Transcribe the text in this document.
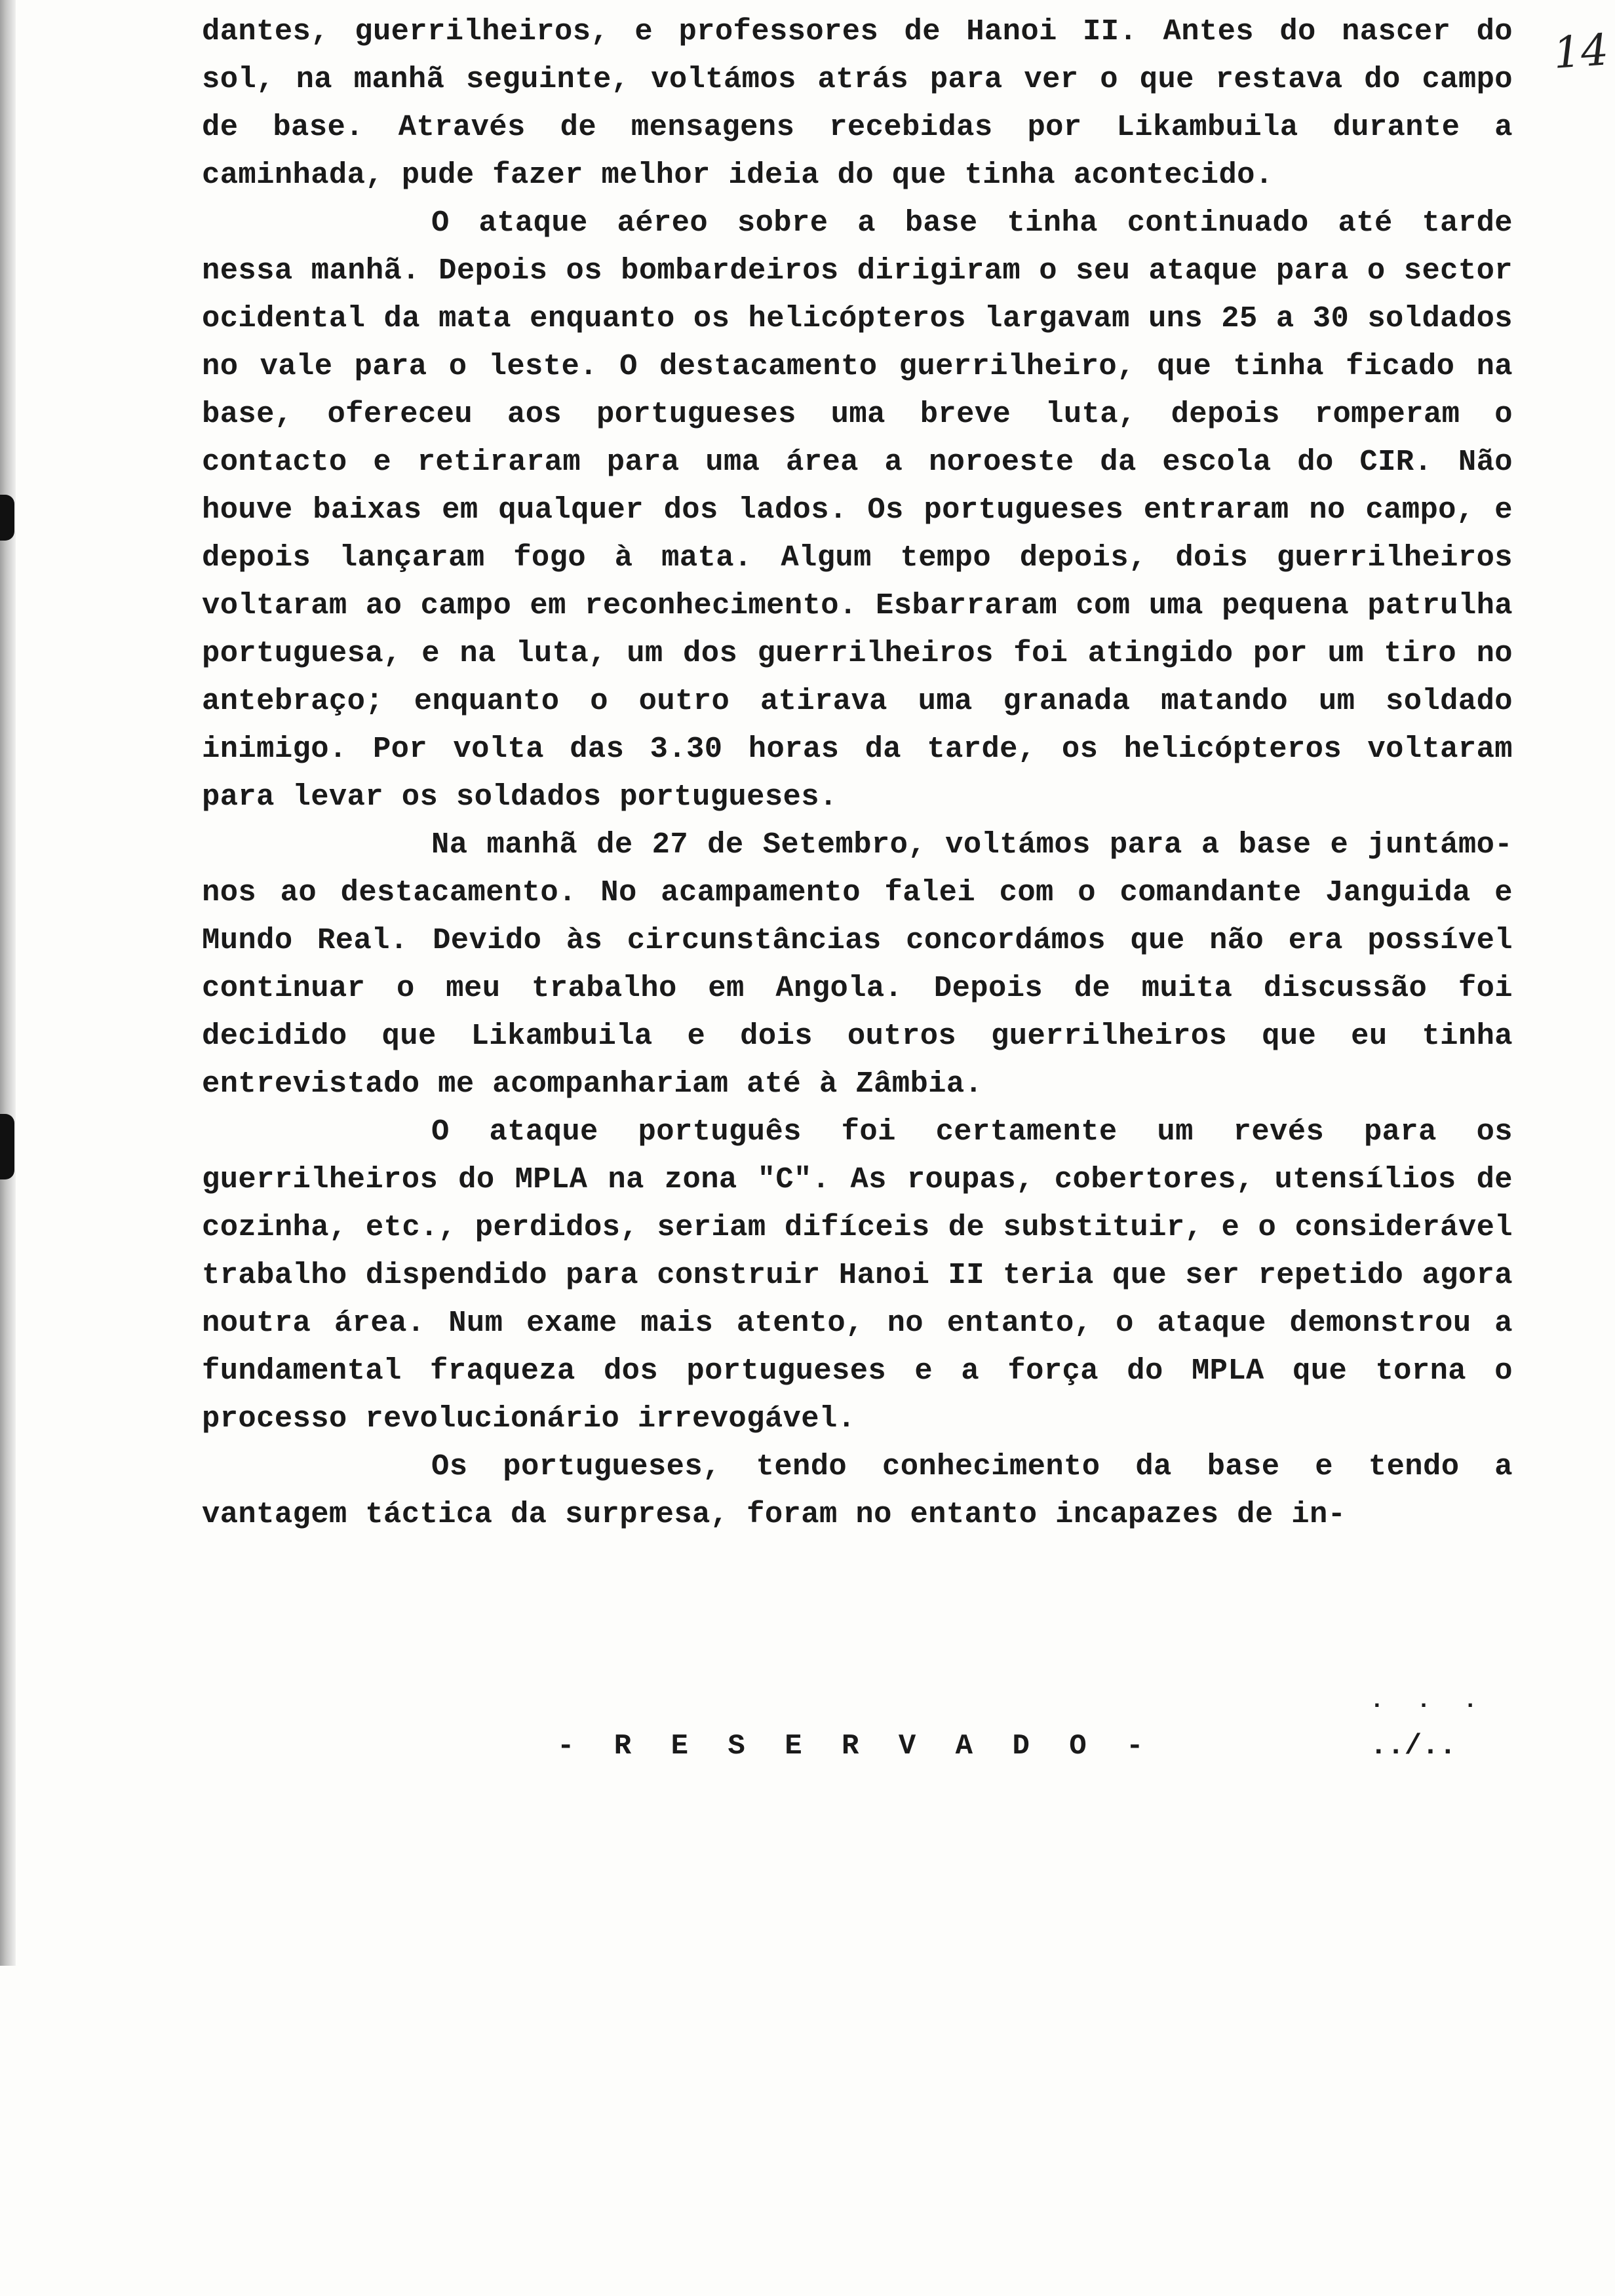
14

dantes, guerrilheiros, e professores de Hanoi II. Antes do nascer do sol, na manhã seguinte, voltámos atrás para ver o que restava do campo de base. Através de mensagens recebidas por Likambuila durante a caminhada, pude fazer melhor ideia do que tinha acontecido.

O ataque aéreo sobre a base tinha continuado até tarde nessa manhã. Depois os bombardeiros dirigiram o seu ataque para o sector ocidental da mata enquanto os helicópteros largavam uns 25 a 30 soldados no vale para o leste. O destacamento guerrilheiro, que tinha ficado na base, ofereceu aos portugueses uma breve luta, depois romperam o contacto e retiraram para uma área a noroeste da escola do CIR. Não houve baixas em qualquer dos lados. Os portugueses entraram no campo, e depois lançaram fogo à mata. Algum tempo depois, dois guerrilheiros voltaram ao campo em reconhecimento. Esbarraram com uma pequena patrulha portuguesa, e na luta, um dos guerrilheiros foi atingido por um tiro no antebraço; enquanto o outro atirava uma granada matando um soldado inimigo. Por volta das 3.30 horas da tarde, os helicópteros voltaram para levar os soldados portugueses.

Na manhã de 27 de Setembro, voltámos para a base e juntámo-nos ao destacamento. No acampamento falei com o comandante Janguida e Mundo Real. Devido às circunstâncias concordámos que não era possível continuar o meu trabalho em Angola. Depois de muita discussão foi decidido que Likambuila e dois outros guerrilheiros que eu tinha entrevistado me acompanhariam até à Zâmbia.

O ataque português foi certamente um revés para os guerrilheiros do MPLA na zona "C". As roupas, cobertores, utensílios de cozinha, etc., perdidos, seriam difíceis de substituir, e o considerável trabalho dispendido para construir Hanoi II teria que ser repetido agora noutra área. Num exame mais atento, no entanto, o ataque demonstrou a fundamental fraqueza dos portugueses e a força do MPLA que torna o processo revolucionário irrevogável.

Os portugueses, tendo conhecimento da base e tendo a vantagem táctica da surpresa, foram no entanto incapazes de in-

- R E S E R V A D O -
. . .
../..
